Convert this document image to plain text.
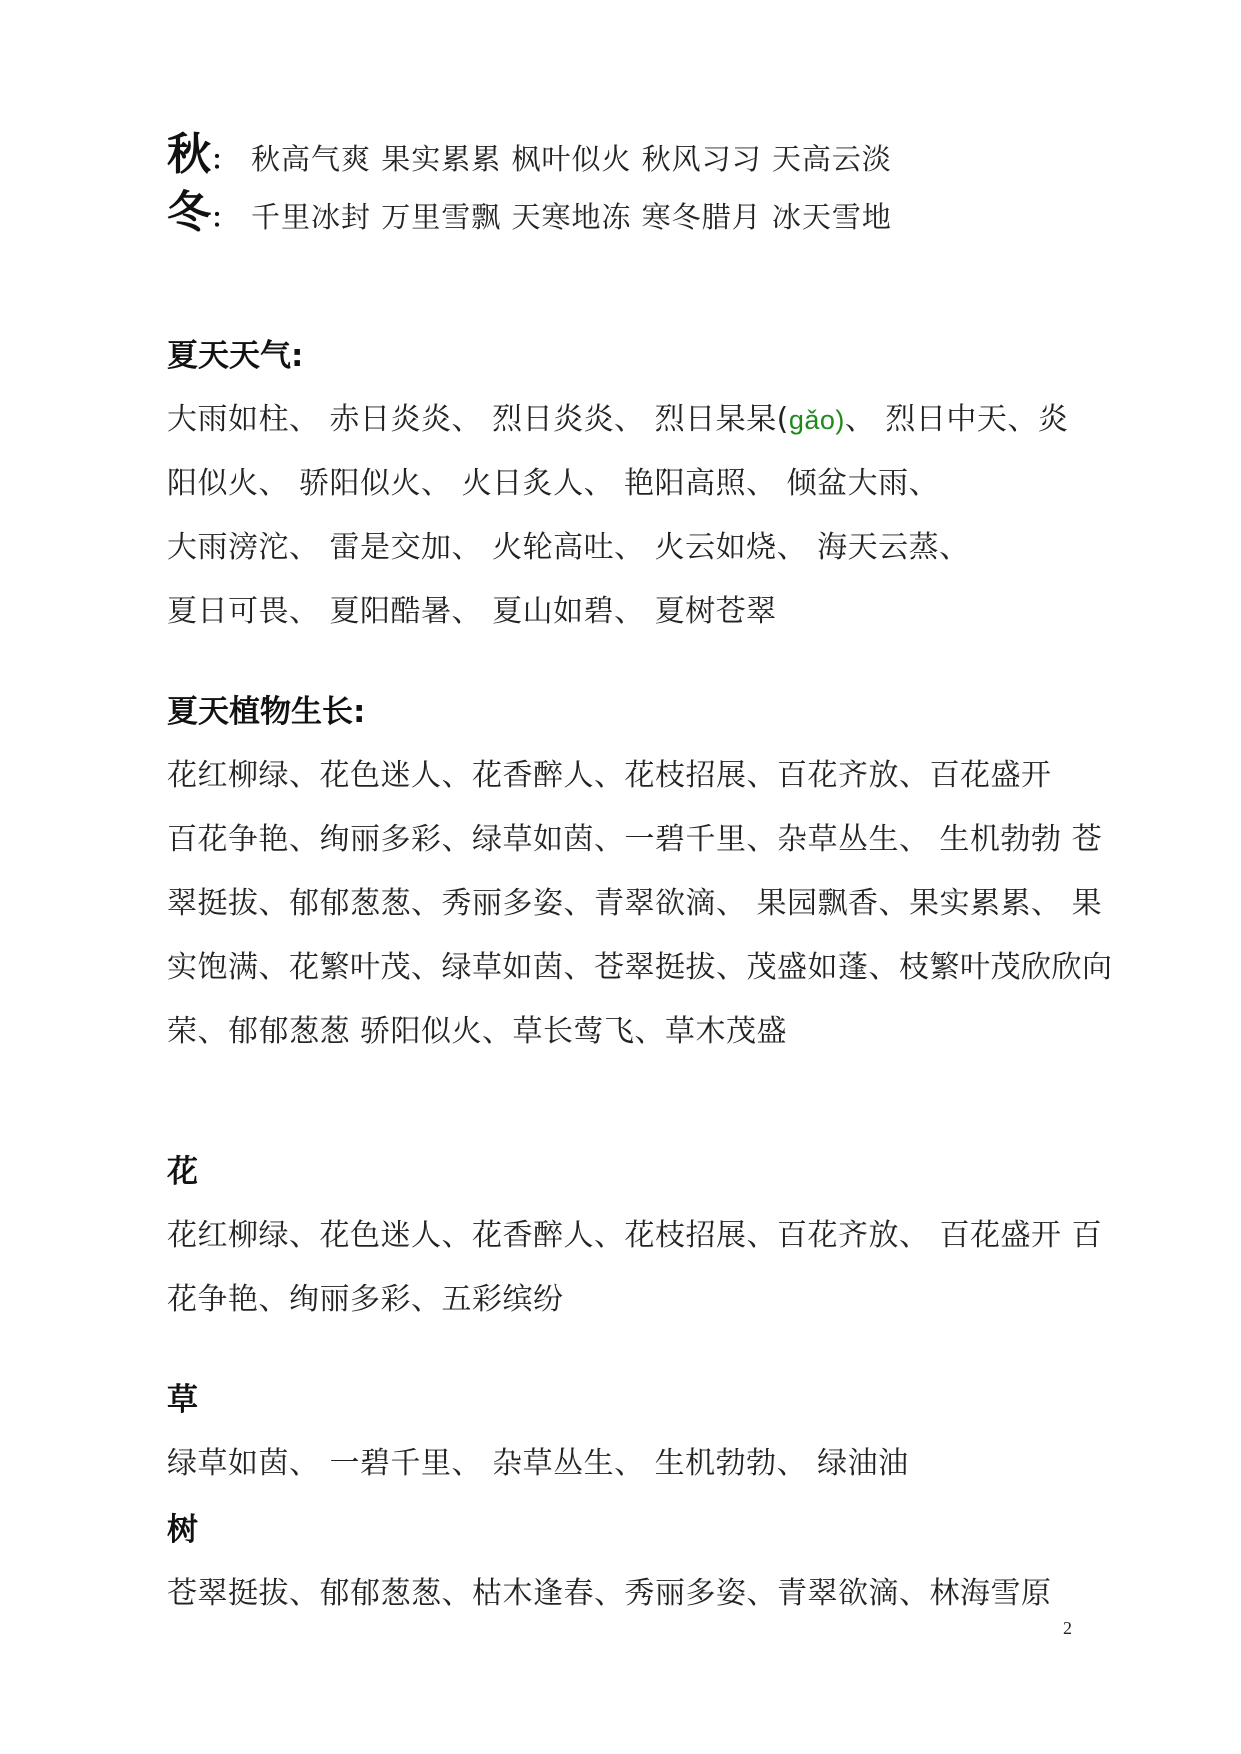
秋： 秋高气爽 果实累累 枫叶似火 秋风习习 天高云淡
冬： 千里冰封 万里雪飘 天寒地冻 寒冬腊月 冰天雪地
夏天天气:
大雨如柱、 赤日炎炎、 烈日炎炎、 烈日杲杲(gǎo)、 烈日中天、炎
阳似火、 骄阳似火、 火日炙人、 艳阳高照、 倾盆大雨、
大雨滂沱、 雷是交加、 火轮高吐、 火云如烧、 海天云蒸、
夏日可畏、 夏阳酷暑、 夏山如碧、 夏树苍翠
夏天植物生长:
花红柳绿、花色迷人、花香醉人、花枝招展、百花齐放、百花盛开
百花争艳、绚丽多彩、绿草如茵、一碧千里、杂草丛生、 生机勃勃 苍
翠挺拔、郁郁葱葱、秀丽多姿、青翠欲滴、 果园飘香、果实累累、 果
实饱满、花繁叶茂、绿草如茵、苍翠挺拔、茂盛如蓬、枝繁叶茂欣欣向
荣、郁郁葱葱 骄阳似火、草长莺飞、草木茂盛
花
花红柳绿、花色迷人、花香醉人、花枝招展、百花齐放、 百花盛开 百
花争艳、绚丽多彩、五彩缤纷
草
绿草如茵、 一碧千里、 杂草丛生、 生机勃勃、 绿油油
树
苍翠挺拔、郁郁葱葱、枯木逢春、秀丽多姿、青翠欲滴、林海雪原
2
